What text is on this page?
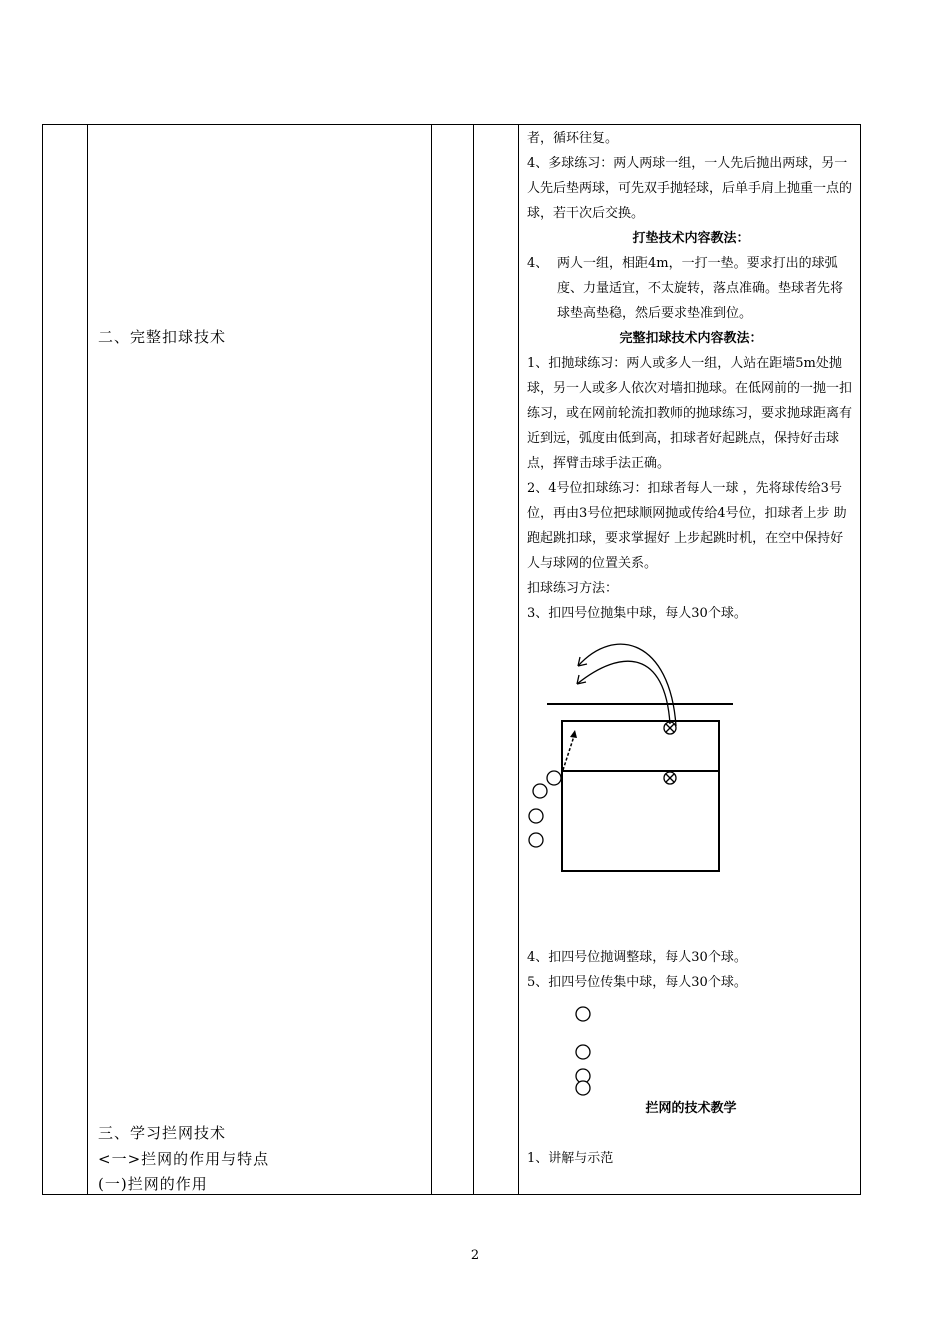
二、完整扣球技术
三、学习拦网技术
<一>拦网的作用与特点
(一)拦网的作用

者，循环往复。

4、多球练习：两人两球一组，一人先后抛出两球，另一人先后垫两球，可先双手抛轻球，后单手肩上抛重一点的球，若干次后交换。

打垫技术内容教法：

4、 两人一组，相距4m，一打一垫。要求打出的球弧度、力量适宜，不太旋转，落点准确。垫球者先将球垫高垫稳，然后要求垫准到位。

完整扣球技术内容教法：

1、扣抛球练习：两人或多人一组，人站在距墙5m处抛球，另一人或多人依次对墙扣抛球。在低网前的一抛一扣练习，或在网前轮流扣教师的抛球练习，要求抛球距离有近到远，弧度由低到高，扣球者好起跳点，保持好击球点，挥臂击球手法正确。

2、4号位扣球练习：扣球者每人一球 ，先将球传给3号位，再由3号位把球顺网抛或传给4号位，扣球者上步 助跑起跳扣球，要求掌握好 上步起跳时机，在空中保持好人与球网的位置关系。

扣球练习方法：

3、扣四号位抛集中球，每人30个球。

4、扣四号位抛调整球，每人30个球。

5、扣四号位传集中球，每人30个球。

拦网的技术教学

1、讲解与示范

2
